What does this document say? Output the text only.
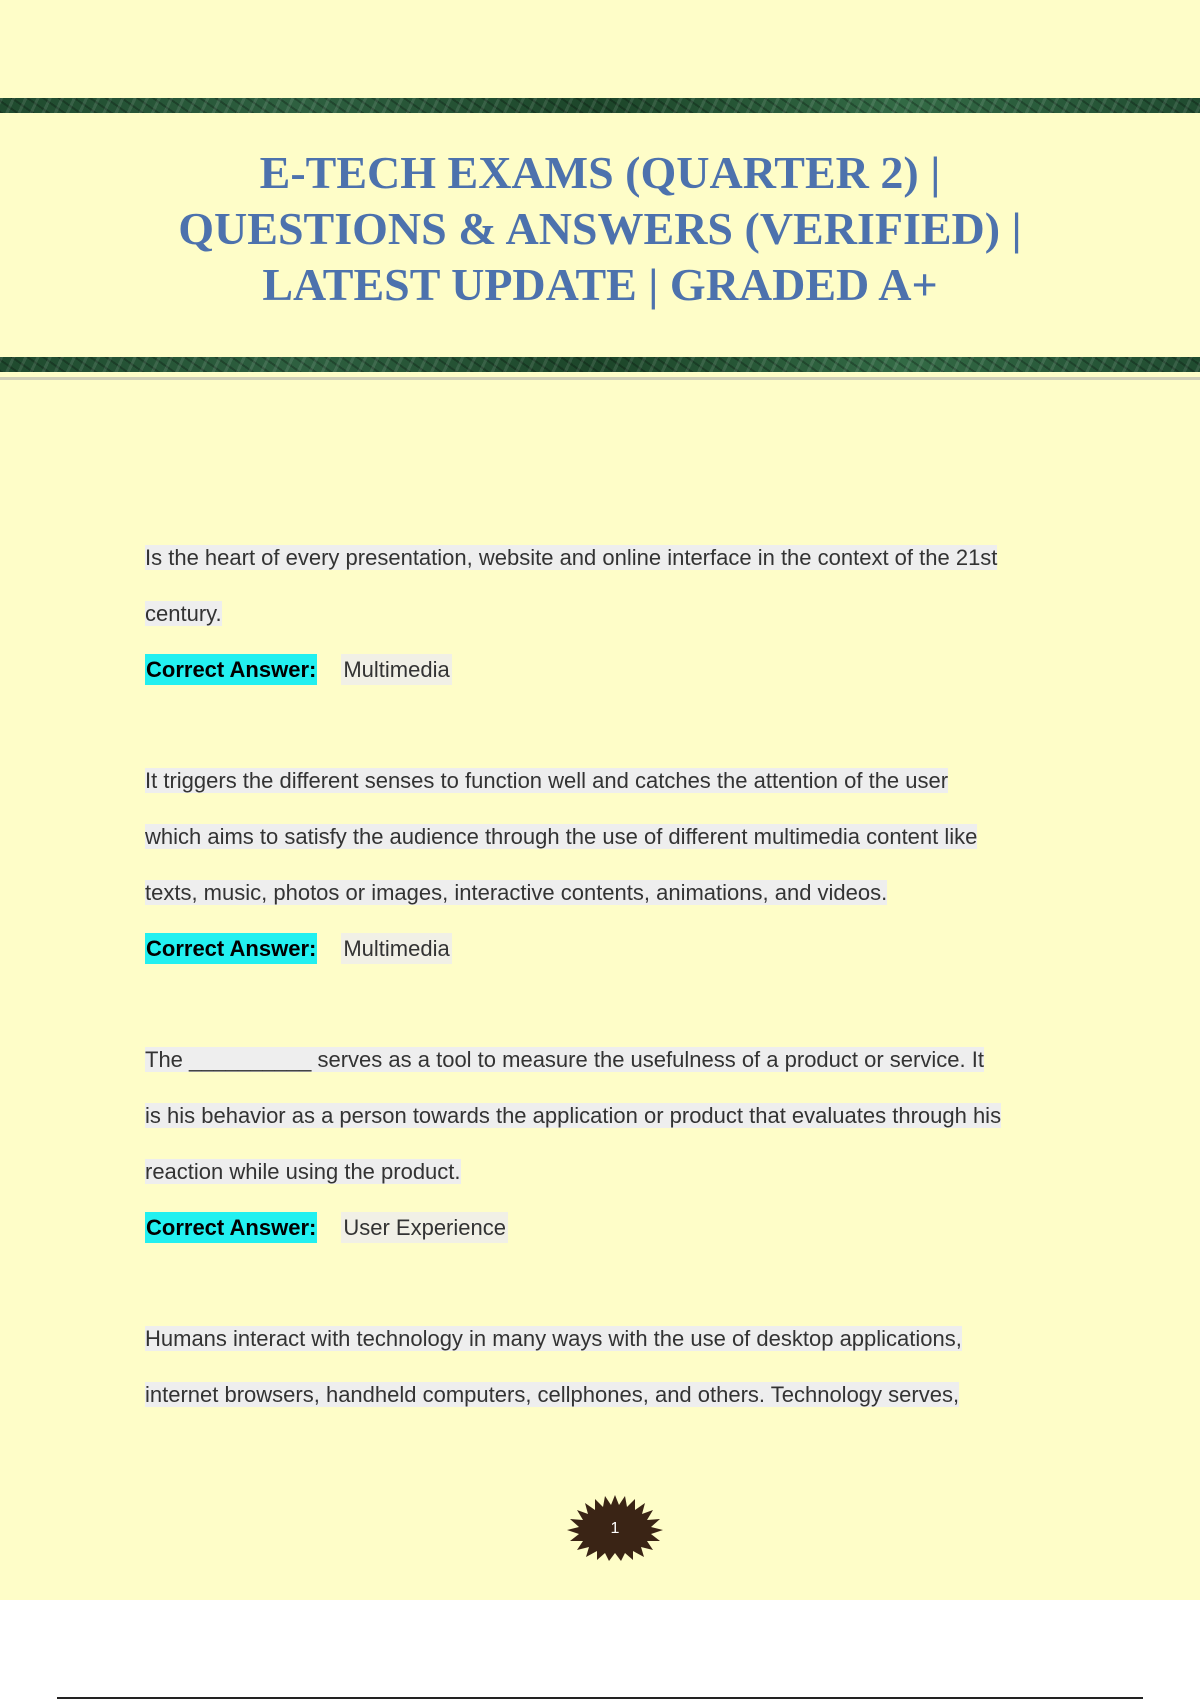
E-TECH EXAMS (QUARTER 2) |
QUESTIONS & ANSWERS (VERIFIED) |
LATEST UPDATE | GRADED A+

Is the heart of every presentation, website and online interface in the context of the 21st
century.

Correct Answer: Multimedia

It triggers the different senses to function well and catches the attention of the user
which aims to satisfy the audience through the use of different multimedia content like
texts, music, photos or images, interactive contents, animations, and videos.

Correct Answer: Multimedia

The __________ serves as a tool to measure the usefulness of a product or service. It
is his behavior as a person towards the application or product that evaluates through his
reaction while using the product.

Correct Answer: User Experience

Humans interact with technology in many ways with the use of desktop applications,
internet browsers, handheld computers, cellphones, and others. Technology serves,

1
